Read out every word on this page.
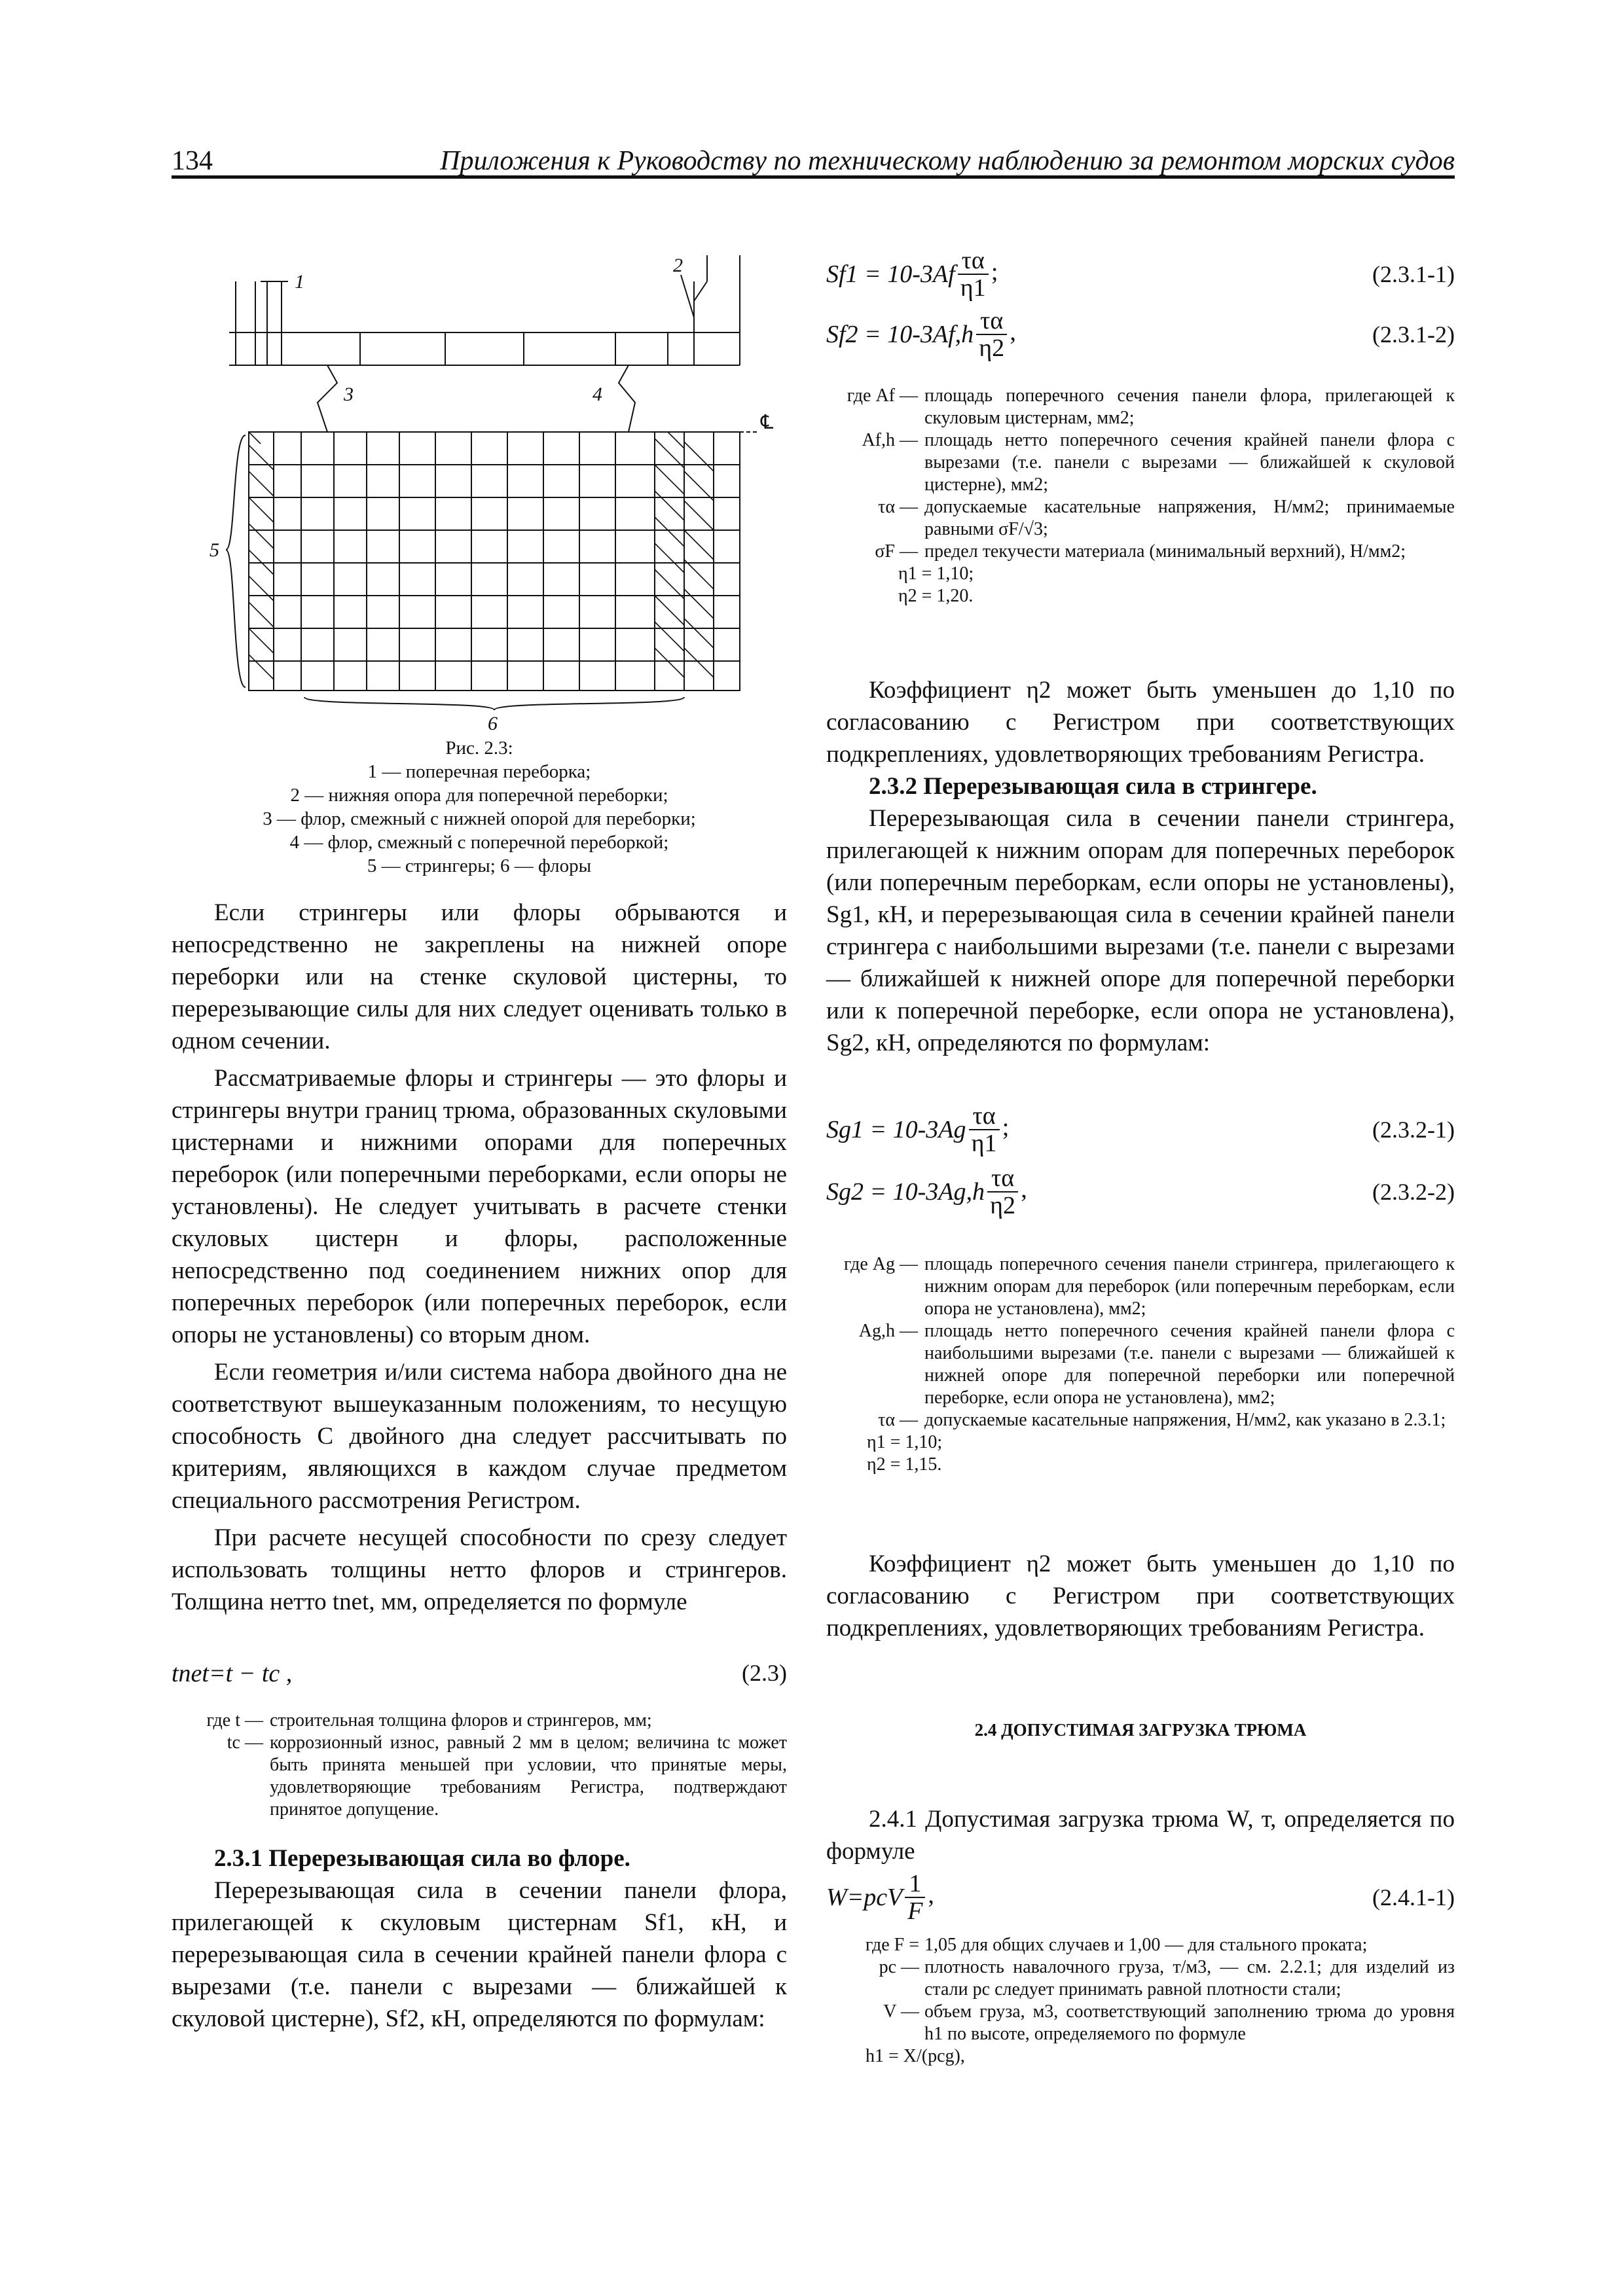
134	Приложения к Руководству по техническому наблюдению за ремонтом морских судов
1
2
3	4
5
6
℄
Рис. 2.3:
1 — поперечная переборка;
2 — нижняя опора для поперечной переборки;
3 — флор, смежный с нижней опорой для переборки;
4 — флор, смежный с поперечной переборкой;
5 — стрингеры; 6 — флоры
Если стрингеры или флоры обрываются и непосредственно не закреплены на нижней опоре переборки или на стенке скуловой цистерны, то перерезывающие силы для них следует оценивать только в одном сечении.
Рассматриваемые флоры и стрингеры — это флоры и стрингеры внутри границ трюма, образованных скуловыми цистернами и нижними опорами для поперечных переборок (или поперечными переборками, если опоры не установлены). Не следует учитывать в расчете стенки скуловых цистерн и флоры, расположенные непосредственно под соединением нижних опор для поперечных переборок (или поперечных переборок, если опоры не установлены) со вторым дном.
Если геометрия и/или система набора двойного дна не соответствуют вышеуказанным положениям, то несущую способность C двойного дна следует рассчитывать по критериям, являющихся в каждом случае предметом специального рассмотрения Регистром.
При расчете несущей способности по срезу следует использовать толщины нетто флоров и стрингеров. Толщина нетто tnet, мм, определяется по формуле
tnet=t − tc ,	(2.3)
где t — строительная толщина флоров и стрингеров, мм;
tc — коррозионный износ, равный 2 мм в целом; величина tc может быть принята меньшей при условии, что принятые меры, удовлетворяющие требованиям Регистра, подтверждают принятое допущение.
2.3.1 Перерезывающая сила во флоре.
Перерезывающая сила в сечении панели флора, прилегающей к скуловым цистернам Sf1, кН, и перерезывающая сила в сечении крайней панели флора с вырезами (т.е. панели с вырезами — ближайшей к скуловой цистерне), Sf2, кН, определяются по формулам:
$Sf1 = 10-3Af \frac{\tau\alpha}{\eta 1}$ ;	(2.3.1-1)
$Sf2 = 10-3Af,h \frac{\tau\alpha}{\eta 2}$ ,	(2.3.1-2)
где Af — площадь поперечного сечения панели флора, прилегающей к скуловым цистернам, мм2;
Af,h — площадь нетто поперечного сечения крайней панели флора с вырезами (т.е. панели с вырезами — ближайшей к скуловой цистерне), мм2;
τα — допускаемые касательные напряжения, Н/мм2; принимаемые равными σF/√3;
σF — предел текучести материала (минимальный верхний), Н/мм2;
η1 = 1,10;
η2 = 1,20.
Коэффициент η2 может быть уменьшен до 1,10 по согласованию с Регистром при соответствующих подкреплениях, удовлетворяющих требованиям Регистра.
2.3.2 Перерезывающая сила в стрингере.
Перерезывающая сила в сечении панели стрингера, прилегающей к нижним опорам для поперечных переборок (или поперечным переборкам, если опоры не установлены), Sg1, кН, и перерезывающая сила в сечении крайней панели стрингера с наибольшими вырезами (т.е. панели с вырезами — ближайшей к нижней опоре для поперечной переборки или к поперечной переборке, если опора не установлена), Sg2, кН, определяются по формулам:
$Sg1 = 10-3Ag \frac{\tau\alpha}{\eta 1}$ ;	(2.3.2-1)
$Sg2 = 10-3Ag,h \frac{\tau\alpha}{\eta 2}$ ,	(2.3.2-2)
где Ag — площадь поперечного сечения панели стрингера, прилегающего к нижним опорам для переборок (или поперечным переборкам, если опора не установлена), мм2;
Ag,h — площадь нетто поперечного сечения крайней панели флора с наибольшими вырезами (т.е. панели с вырезами — ближайшей к нижней опоре для поперечной переборки или поперечной переборке, если опора не установлена), мм2;
τα — допускаемые касательные напряжения, Н/мм2, как указано в 2.3.1;
η1 = 1,10;
η2 = 1,15.
Коэффициент η2 может быть уменьшен до 1,10 по согласованию с Регистром при соответствующих подкреплениях, удовлетворяющих требованиям Регистра.
2.4 ДОПУСТИМАЯ ЗАГРУЗКА ТРЮМА
2.4.1 Допустимая загрузка трюма W, т, определяется по формуле
$W=pcV \frac{1}{F}$ ,	(2.4.1-1)
где F = 1,05 для общих случаев и 1,00 — для стального проката;
pc — плотность навалочного груза, т/м3, — см. 2.2.1; для изделий из стали pc следует принимать равной плотности стали;
V — объем груза, м3, соответствующий заполнению трюма до уровня h1 по высоте, определяемого по формуле
h1 = X/(pcg),
